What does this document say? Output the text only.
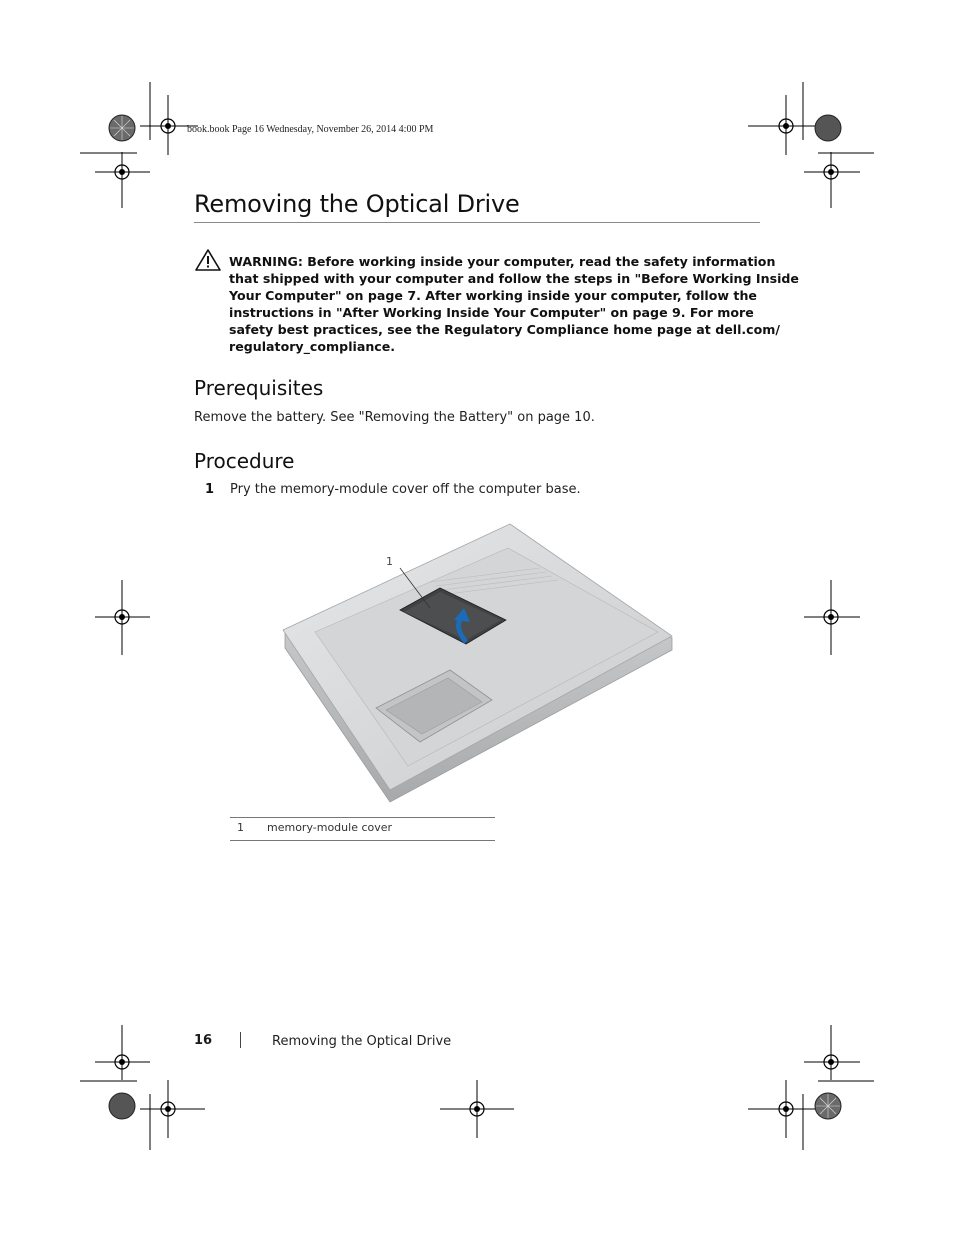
book.book Page 16 Wednesday, November 26, 2014 4:00 PM
Removing the Optical Drive

WARNING: Before working inside your computer, read the safety information

that shipped with your computer and follow the steps in "Before Working Inside

Your Computer" on page 7. After working inside your computer, follow the

instructions in "After Working Inside Your Computer" on page 9. For more

safety best practices, see the Regulatory Compliance home page at dell.com/

regulatory_compliance.

Prerequisites
Remove the battery. See "Removing the Battery" on page 10.
Procedure
1 Pry the memory-module cover off the computer base.
1
1 memory-module cover
16	Removing the Optical Drive
